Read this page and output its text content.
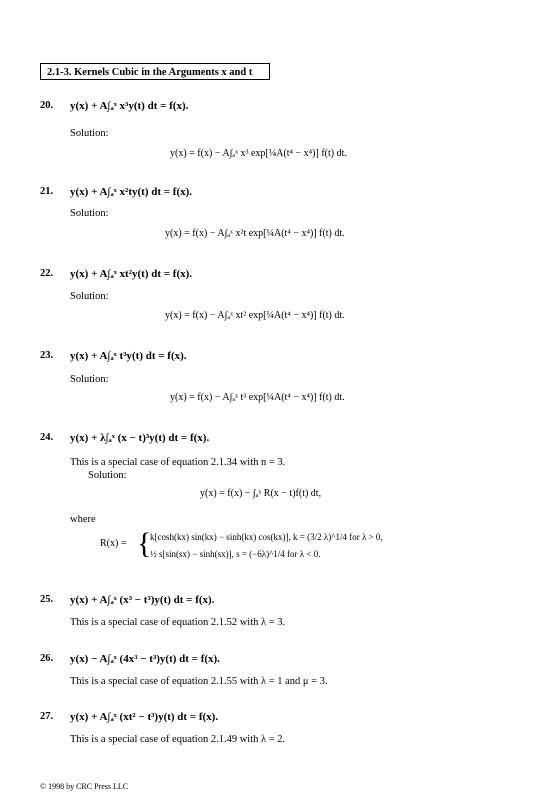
2.1-3. Kernels Cubic in the Arguments x and t
20. y(x) + A∫ₐˣ x³y(t) dt = f(x).
Solution:
y(x) = f(x) − A∫ₐˣ x³ exp[¼A(t⁴ − x⁴)] f(t) dt.
21. y(x) + A∫ₐˣ x²ty(t) dt = f(x).
Solution:
y(x) = f(x) − A∫ₐˣ x²t exp[¼A(t⁴ − x⁴)] f(t) dt.
22. y(x) + A∫ₐˣ xt²y(t) dt = f(x).
Solution:
y(x) = f(x) − A∫ₐˣ xt² exp[¼A(t⁴ − x⁴)] f(t) dt.
23. y(x) + A∫ₐˣ t³y(t) dt = f(x).
Solution:
y(x) = f(x) − A∫ₐˣ t³ exp[¼A(t⁴ − x⁴)] f(t) dt.
24. y(x) + λ∫ₐˣ (x − t)³y(t) dt = f(x).
This is a special case of equation 2.1.34 with n = 3.
Solution:
y(x) = f(x) − ∫ₐˣ R(x − t)f(t) dt,
where
R(x) = {
k[cosh(kx) sin(kx) − sinh(kx) cos(kx)], k = (3/2 λ)^1/4 for λ > 0,
½ s[sin(sx) − sinh(sx)], s = (−6λ)^1/4 for λ < 0.
25. y(x) + A∫ₐˣ (x³ − t³)y(t) dt = f(x).
This is a special case of equation 2.1.52 with λ = 3.
26. y(x) − A∫ₐˣ (4x³ − t³)y(t) dt = f(x).
This is a special case of equation 2.1.55 with λ = 1 and μ = 3.
27. y(x) + A∫ₐˣ (xt² − t³)y(t) dt = f(x).
This is a special case of equation 2.1.49 with λ = 2.
© 1998 by CRC Press LLC
